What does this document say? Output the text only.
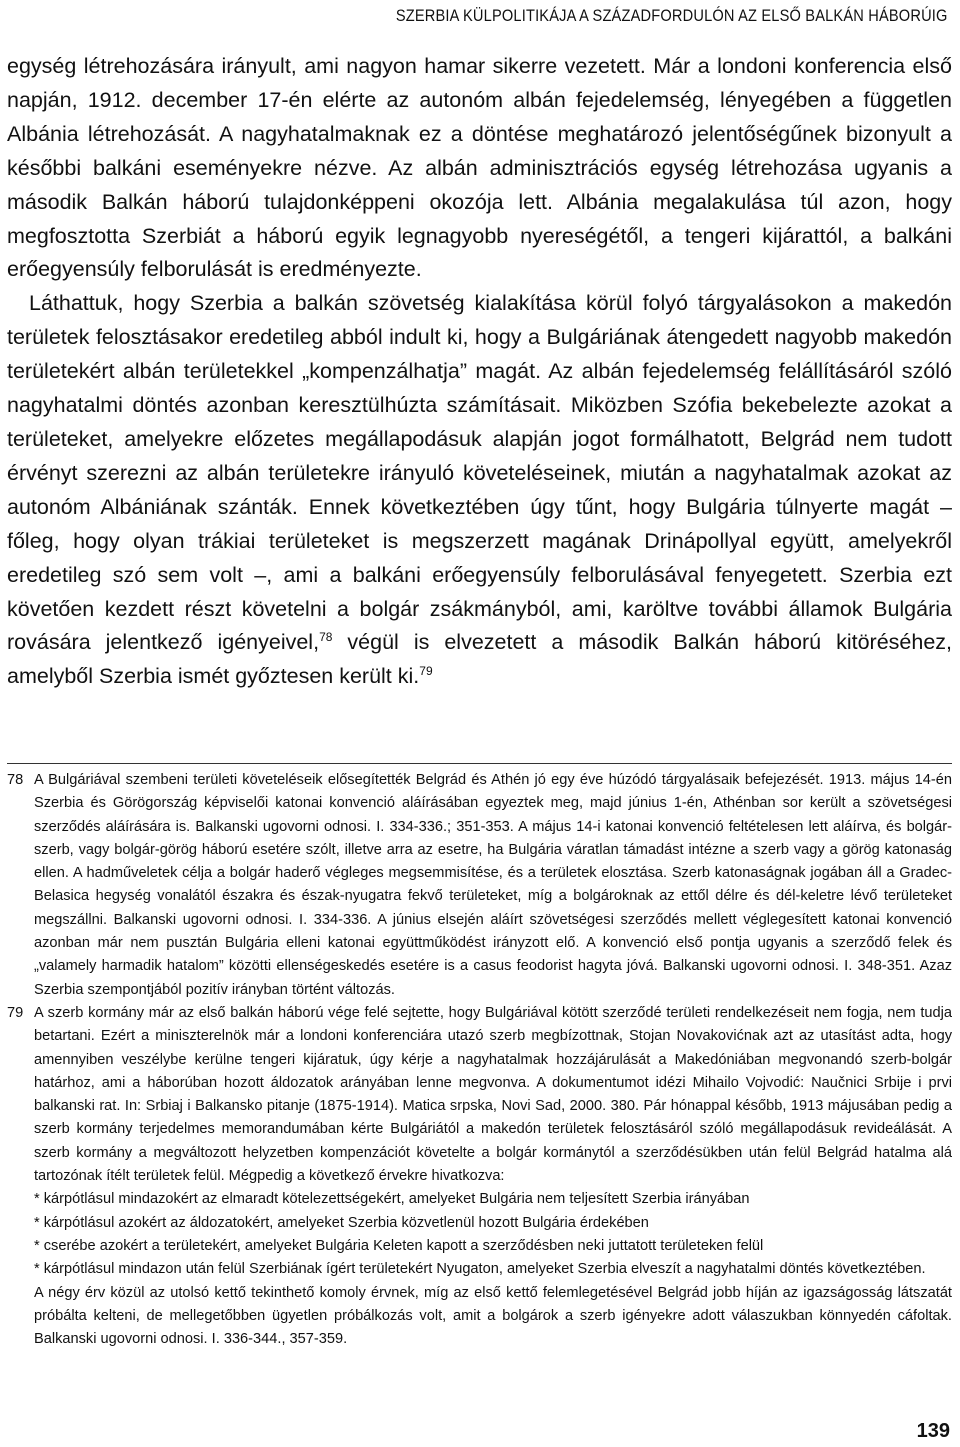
SZERBIA KÜLPOLITIKÁJA A SZÁZADFORDULÓN AZ ELSŐ BALKÁN HÁBORÚIG

egység létrehozására irányult, ami nagyon hamar sikerre vezetett. Már a londoni konferencia első napján, 1912. december 17-én elérte az autonóm albán fejedelemség, lényegében a független Albánia létrehozását. A nagyhatalmaknak ez a döntése meghatározó jelentőségűnek bizonyult a későbbi balkáni eseményekre nézve. Az albán adminisztrációs egység létrehozása ugyanis a második Balkán háború tulajdonképpeni okozója lett. Albánia megalakulása túl azon, hogy megfosztotta Szerbiát a háború egyik legnagyobb nyereségétől, a tengeri kijárattól, a balkáni erőegyensúly felborulását is eredményezte.

Láthattuk, hogy Szerbia a balkán szövetség kialakítása körül folyó tárgyalásokon a makedón területek felosztásakor eredetileg abból indult ki, hogy a Bulgáriának átengedett nagyobb makedón területekért albán területekkel „kompenzálhatja” magát. Az albán fejedelemség felállításáról szóló nagyhatalmi döntés azonban keresztülhúzta számításait. Miközben Szófia bekebelezte azokat a területeket, amelyekre előzetes megállapodásuk alapján jogot formálhatott, Belgrád nem tudott érvényt szerezni az albán területekre irányuló követeléseinek, miután a nagyhatalmak azokat az autonóm Albániának szánták. Ennek következtében úgy tűnt, hogy Bulgária túlnyerte magát – főleg, hogy olyan trákiai területeket is megszerzett magának Drinápollyal együtt, amelyekről eredetileg szó sem volt –, ami a balkáni erőegyensúly felborulásával fenyegetett. Szerbia ezt követően kezdett részt követelni a bolgár zsákmányból, ami, karöltve további államok Bulgária rovására jelentkező igényeivel,$^{78}$ végül is elvezetett a második Balkán háború kitöréséhez, amelyből Szerbia ismét győztesen került ki.$^{79}$

78 A Bulgáriával szembeni területi követeléseik elősegítették Belgrád és Athén jó egy éve húzódó tárgyalásaik befejezését. 1913. május 14-én Szerbia és Görögország képviselői katonai konvenció aláírásában egyeztek meg, majd június 1-én, Athénban sor került a szövetségesi szerződés aláírására is. Balkanski ugovorni odnosi. I. 334-336.; 351-353. A május 14-i katonai konvenció feltételesen lett aláírva, és bolgár-szerb, vagy bolgár-görög háború esetére szólt, illetve arra az esetre, ha Bulgária váratlan támadást intézne a szerb vagy a görög katonaság ellen. A hadműveletek célja a bolgár haderő végleges megsemmisítése, és a területek elosztása. Szerb katonaságnak jogában áll a Gradec-Belasica hegység vonalától északra és észak-nyugatra fekvő területeket, míg a bolgároknak az ettől délre és dél-keletre lévő területeket megszállni. Balkanski ugovorni odnosi. I. 334-336. A június elsején aláírt szövetségesi szerződés mellett véglegesített katonai konvenció azonban már nem pusztán Bulgária elleni katonai együttműködést irányzott elő. A konvenció első pontja ugyanis a szerződő felek és „valamely harmadik hatalom” közötti ellenségeskedés esetére is a casus feodorist hagyta jóvá. Balkanski ugovorni odnosi. I. 348-351. Azaz Szerbia szempontjából pozitív irányban történt változás.

79 A szerb kormány már az első balkán háború vége felé sejtette, hogy Bulgáriával kötött szerződé területi rendelkezéseit nem fogja, nem tudja betartani. Ezért a miniszterelnök már a londoni konferenciára utazó szerb megbízottnak, Stojan Novakovićnak azt az utasítást adta, hogy amennyiben veszélybe kerülne tengeri kijáratuk, úgy kérje a nagyhatalmak hozzájárulását a Makedóniában megvonandó szerb-bolgár határhoz, ami a háborúban hozott áldozatok arányában lenne megvonva. A dokumentumot idézi Mihailo Vojvodić: Naučnici Srbije i prvi balkanski rat. In: Srbiaj i Balkansko pitanje (1875-1914). Matica srpska, Novi Sad, 2000. 380. Pár hónappal később, 1913 májusában pedig a szerb kormány terjedelmes memorandumában kérte Bulgáriától a makedón területek felosztásáról szóló megállapodásuk revideálását. A szerb kormány a megváltozott helyzetben kompenzációt követelte a bolgár kormánytól a szerződésükben után felül Belgrád hatalma alá tartozónak ítélt területek felül. Mégpedig a következő érvekre hivatkozva:

* kárpótlásul mindazokért az elmaradt kötelezettségekért, amelyeket Bulgária nem teljesített Szerbia irányában

* kárpótlásul azokért az áldozatokért, amelyeket Szerbia közvetlenül hozott Bulgária érdekében

* cserébe azokért a területekért, amelyeket Bulgária Keleten kapott a szerződésben neki juttatott területeken felül

* kárpótlásul mindazon után felül Szerbiának ígért területekért Nyugaton, amelyeket Szerbia elveszít a nagyhatalmi döntés következtében.

A négy érv közül az utolsó kettő tekinthető komoly érvnek, míg az első kettő felemlegetésével Belgrád jobb híján az igazságosság látszatát próbálta kelteni, de mellegetőbben ügyetlen próbálkozás volt, amit a bolgárok a szerb igényekre adott válaszukban könnyedén cáfoltak. Balkanski ugovorni odnosi. I. 336-344., 357-359.

139
